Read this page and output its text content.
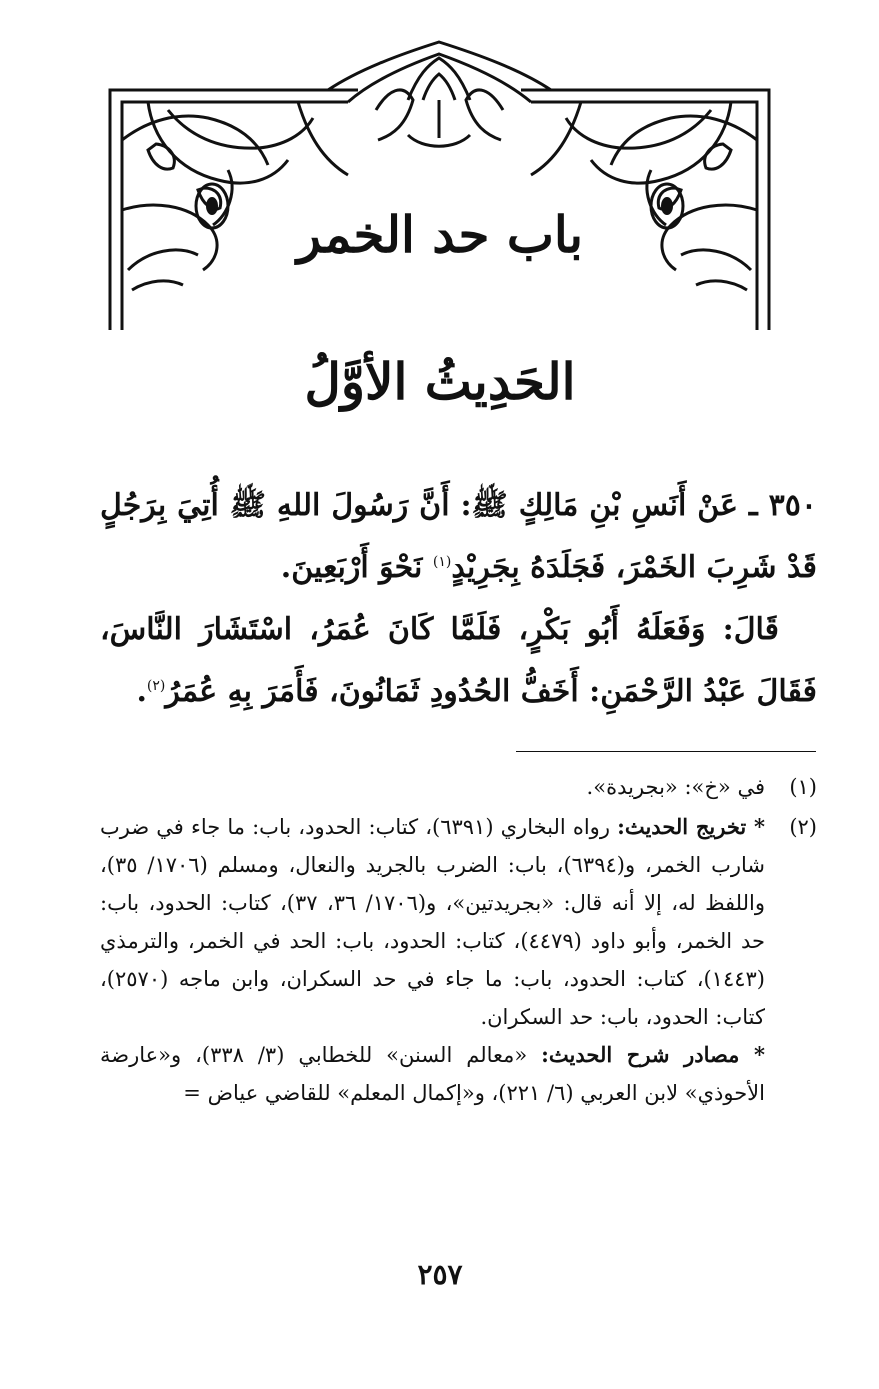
باب حد الخمر
الحَدِيثُ الأوَّلُ

٣٥٠ ـ عَنْ أَنَسِ بْنِ مَالِكٍ ﷺ: أَنَّ رَسُولَ اللهِ ﷺ أُتِيَ بِرَجُلٍ قَدْ شَرِبَ الخَمْرَ، فَجَلَدَهُ بِجَرِيْدٍ$^{(١)}$ نَحْوَ أَرْبَعِينَ.

قَالَ: وَفَعَلَهُ أَبُو بَكْرٍ، فَلَمَّا كَانَ عُمَرُ، اسْتَشَارَ النَّاسَ، فَقَالَ عَبْدُ الرَّحْمَنِ: أَخَفُّ الحُدُودِ ثَمَانُونَ، فَأَمَرَ بِهِ عُمَرُ$^{(٢)}$.

(١)
في «خ»: «بجريدة».
(٢)

* تخريج الحديث: رواه البخاري (٦٣٩١)، كتاب: الحدود، باب: ما جاء في ضرب شارب الخمر، و(٦٣٩٤)، باب: الضرب بالجريد والنعال، ومسلم (١٧٠٦/ ٣٥)، واللفظ له، إلا أنه قال: «بجريدتين»، و(١٧٠٦/ ٣٦، ٣٧)، كتاب: الحدود، باب: حد الخمر، وأبو داود (٤٤٧٩)، كتاب: الحدود، باب: الحد في الخمر، والترمذي (١٤٤٣)، كتاب: الحدود، باب: ما جاء في حد السكران، وابن ماجه (٢٥٧٠)، كتاب: الحدود، باب: حد السكران.

* مصادر شرح الحديث: «معالم السنن» للخطابي (٣/ ٣٣٨)، و«عارضة الأحوذي» لابن العربي (٦/ ٢٢١)، و«إكمال المعلم» للقاضي عياض =

٢٥٧
